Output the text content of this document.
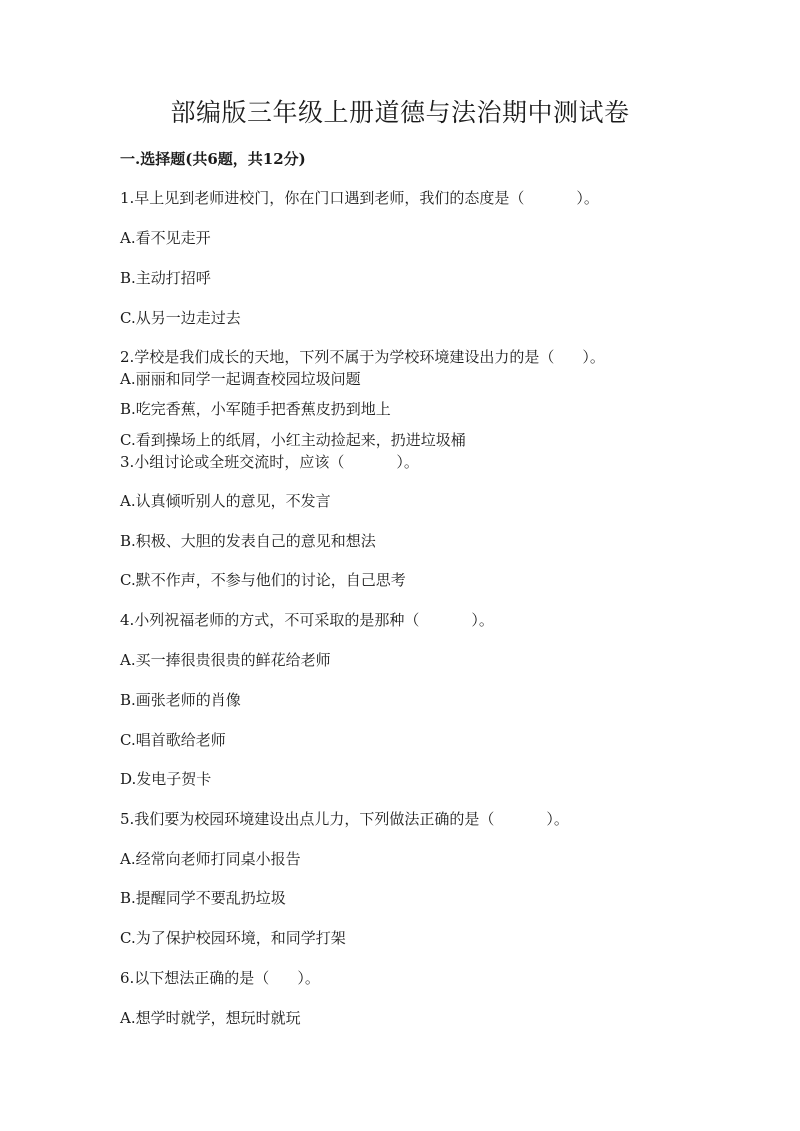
部编版三年级上册道德与法治期中测试卷
一.选择题(共6题，共12分)
1.早上见到老师进校门，你在门口遇到老师，我们的态度是（	）。
A.看不见走开
B.主动打招呼
C.从另一边走过去
2.学校是我们成长的天地，下列不属于为学校环境建设出力的是（ ）。
A.丽丽和同学一起调查校园垃圾问题
B.吃完香蕉，小军随手把香蕉皮扔到地上
C.看到操场上的纸屑，小红主动捡起来，扔进垃圾桶
3.小组讨论或全班交流时，应该（	）。
A.认真倾听别人的意见，不发言
B.积极、大胆的发表自己的意见和想法
C.默不作声，不参与他们的讨论，自己思考
4.小列祝福老师的方式，不可采取的是那种（	）。
A.买一捧很贵很贵的鲜花给老师
B.画张老师的肖像
C.唱首歌给老师
D.发电子贺卡
5.我们要为校园环境建设出点儿力，下列做法正确的是（	）。
A.经常向老师打同桌小报告
B.提醒同学不要乱扔垃圾
C.为了保护校园环境，和同学打架
6.以下想法正确的是（ ）。
A.想学时就学，想玩时就玩
